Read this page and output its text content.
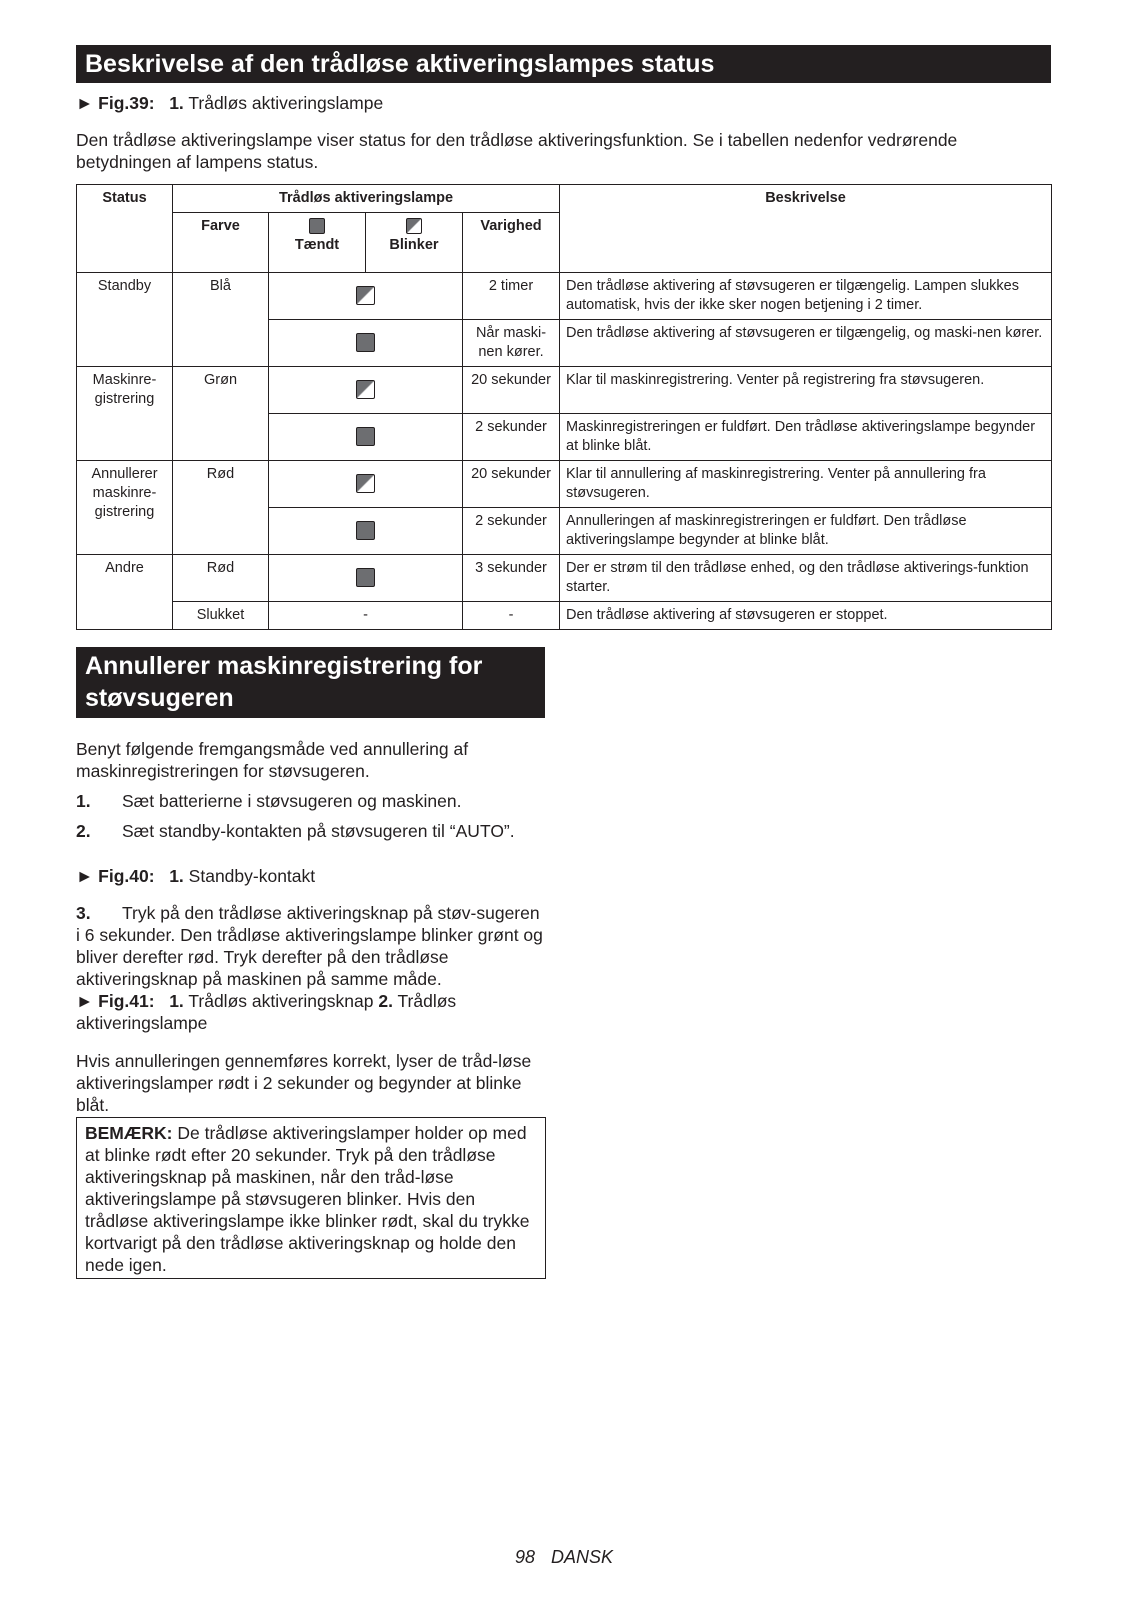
Beskrivelse af den trådløse aktiveringslampes status
► Fig.39: 1. Trådløs aktiveringslampe
Den trådløse aktiveringslampe viser status for den trådløse aktiveringsfunktion. Se i tabellen nedenfor vedrørende betydningen af lampens status.
Status	Trådløs aktiveringslampe				Beskrivelse
	Farve	Tændt	Blinker	Varighed	
Standby	Blå			2 timer	Den trådløse aktivering af støvsugeren er tilgængelig. Lampen slukkes automatisk, hvis der ikke sker nogen betjening i 2 timer.
				Når maski-nen kører.	Den trådløse aktivering af støvsugeren er tilgængelig, og maski-nen kører.
Maskinre-gistrering	Grøn			20 sekunder	Klar til maskinregistrering. Venter på registrering fra støvsugeren.
				2 sekunder	Maskinregistreringen er fuldført. Den trådløse aktiveringslampe begynder at blinke blåt.
Annullerer maskinre-gistrering	Rød			20 sekunder	Klar til annullering af maskinregistrering. Venter på annullering fra støvsugeren.
				2 sekunder	Annulleringen af maskinregistreringen er fuldført. Den trådløse aktiveringslampe begynder at blinke blåt.
Andre	Rød			3 sekunder	Der er strøm til den trådløse enhed, og den trådløse aktiverings-funktion starter.
	Slukket	-		-	Den trådløse aktivering af støvsugeren er stoppet.
Annullerer maskinregistrering for
støvsugeren
Benyt følgende fremgangsmåde ved annullering af maskinregistreringen for støvsugeren.
1. Sæt batterierne i støvsugeren og maskinen.
2. Sæt standby-kontakten på støvsugeren til “AUTO”.
► Fig.40: 1. Standby-kontakt
3. Tryk på den trådløse aktiveringsknap på støv-sugeren i 6 sekunder. Den trådløse aktiveringslampe blinker grønt og bliver derefter rød. Tryk derefter på den trådløse aktiveringsknap på maskinen på samme måde.
► Fig.41: 1. Trådløs aktiveringsknap 2. Trådløs aktiveringslampe
Hvis annulleringen gennemføres korrekt, lyser de tråd-løse aktiveringslamper rødt i 2 sekunder og begynder at blinke blåt.
BEMÆRK: De trådløse aktiveringslamper holder op med at blinke rødt efter 20 sekunder. Tryk på den trådløse aktiveringsknap på maskinen, når den tråd-løse aktiveringslampe på støvsugeren blinker. Hvis den trådløse aktiveringslampe ikke blinker rødt, skal du trykke kortvarigt på den trådløse aktiveringsknap og holde den nede igen.
98 DANSK
